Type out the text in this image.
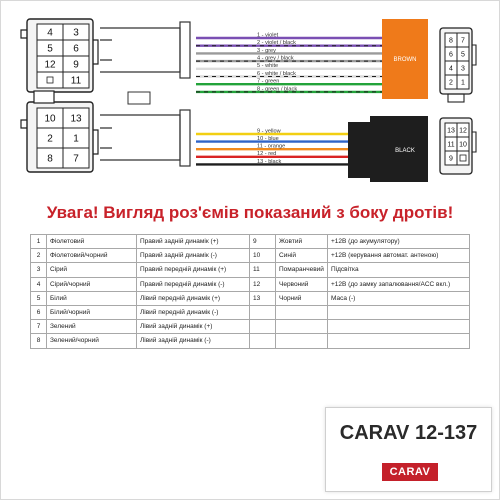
4 3
5 6
12 9
11
10 13
2 1
8 7
1 - violet
2 - violet / black
3 - grey
4 - grey / black
5 - white
6 - white / black
7 - green
8 - green / black
9 - yellow
10 - blue
11 - orange
12 - red
13 - black
BROWN
8 7
6 5
4 3
2 1
BLACK
13 12
11 10
9
Увага! Вигляд роз'ємів показаний з боку дротів!
1	Фіолетовий	Правий задній динамік (+)	9	Жовтий	+12В (до акумулятору)
2	Фіолетовий/чорний	Правий задній динамік (-)	10	Синій	+12В (керування автомат. антеною)
3	Сірий	Правий передній динамік (+)	11	Помаранчевий	Підсвітка
4	Сірий/чорний	Правий передній динамік (-)	12	Червоний	+12В (до замку запалювання/ACC вкл.)
5	Білий	Лівий передній динамік (+)	13	Чорний	Маса (-)
6	Білий/чорний	Лівий передній динамік (-)			
7	Зелений	Лівий задній динамік (+)			
8	Зелений/чорний	Лівий задній динамік (-)			
CARAV 12-137
CARAV
